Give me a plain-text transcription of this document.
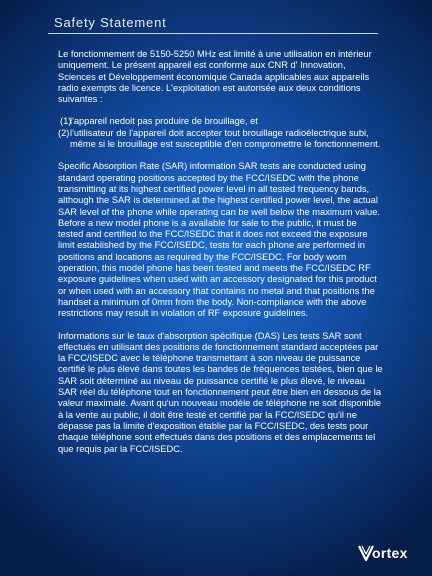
Safety Statement

Le fonctionnement de 5150-5250 MHz est limité à une utilisation en intérieur uniquement. Le présent appareil est conforme aux CNR d' Innovation, Sciences et Développement économique Canada applicables aux appareils radio exempts de licence. L'exploitation est autorisée aux deux conditions suivantes :

(1)
l'appareil nedoit pas produire de brouillage, et
(2) l'utilisateur de l'appareil doit accepter tout brouillage radioélectrique subi, même si le brouillage est susceptible d'en compromettre le fonctionnement.

Specific Absorption Rate (SAR) information SAR tests are conducted using standard operating positions accepted by the FCC/ISEDC with the phone transmitting at its highest certified power level in all tested frequency bands, although the SAR is determined at the highest certified power level, the actual SAR level of the phone while operating can be well below the maximum value. Before a new model phone is a available for sale to the public, it must be tested and certified to the FCC/ISEDC that it does not exceed the exposure limit established by the FCC/ISEDC, tests for each phone are performed in positions and locations as required by the FCC/ISEDC. For body worn operation, this model phone has been tested and meets the FCC/ISEDC RF exposure guidelines when used with an accessory designated for this product or when used with an accessory that contains no metal and that positions the handset a minimum of 0mm from the body. Non-compliance with the above restrictions may result in violation of RF exposure guidelines.

Informations sur le taux d'absorption spécifique (DAS) Les tests SAR sont effectués en utilisant des positions de fonctionnement standard acceptées par la FCC/ISEDC avec le téléphone transmettant à son niveau de puissance certifié le plus élevé dans toutes les bandes de fréquences testées, bien que le SAR soit déterminé au niveau de puissance certifié le plus élevé, le niveau SAR réel du téléphone tout en fonctionnement peut être bien en dessous de la valeur maximale. Avant qu'un nouveau modèle de téléphone ne soit disponible à la vente au public, il doit être testé et certifié par la FCC/ISEDC qu'il ne dépasse pas la limite d'exposition établie par la FCC/ISEDC, des tests pour chaque téléphone sont effectués dans des positions et des emplacements tel que requis par la FCC/ISEDC.

ortex
